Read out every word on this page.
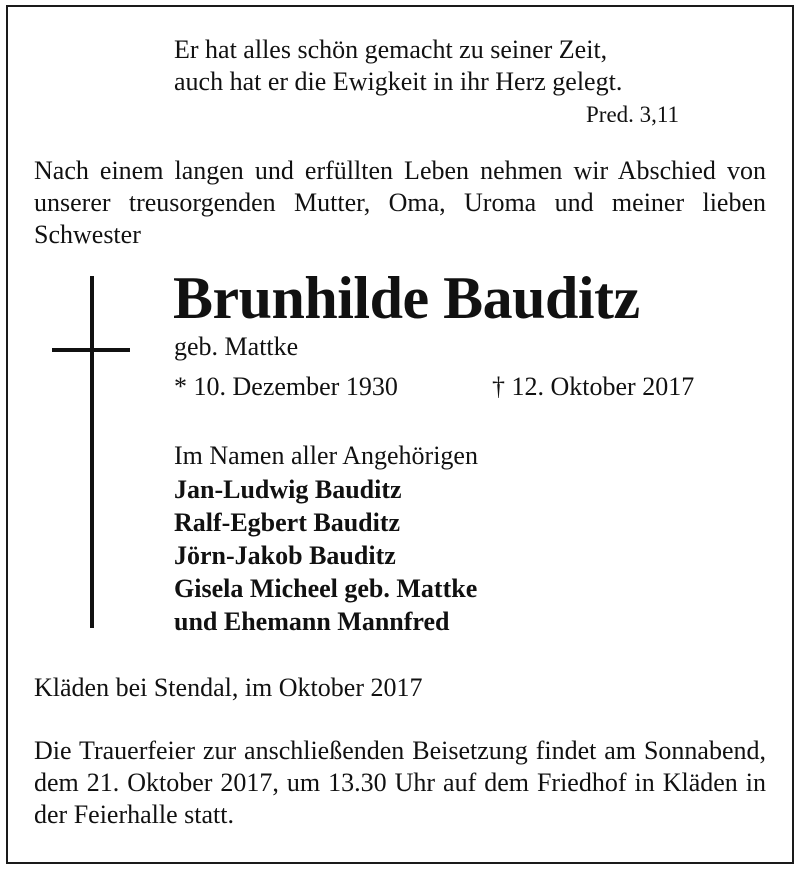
Er hat alles schön gemacht zu seiner Zeit,
auch hat er die Ewigkeit in ihr Herz gelegt.
Pred. 3,11
Nach einem langen und erfüllten Leben nehmen wir Abschied von unserer treusorgenden Mutter, Oma, Uroma und meiner lieben Schwester
Brunhilde Bauditz
geb. Mattke
* 10. Dezember 1930	† 12. Oktober 2017
Im Namen aller Angehörigen
Jan-Ludwig Bauditz
Ralf-Egbert Bauditz
Jörn-Jakob Bauditz
Gisela Micheel geb. Mattke
und Ehemann Mannfred
Kläden bei Stendal, im Oktober 2017
Die Trauerfeier zur anschließenden Beisetzung findet am Sonnabend, dem 21. Oktober 2017, um 13.30 Uhr auf dem Friedhof in Kläden in der Feierhalle statt.
